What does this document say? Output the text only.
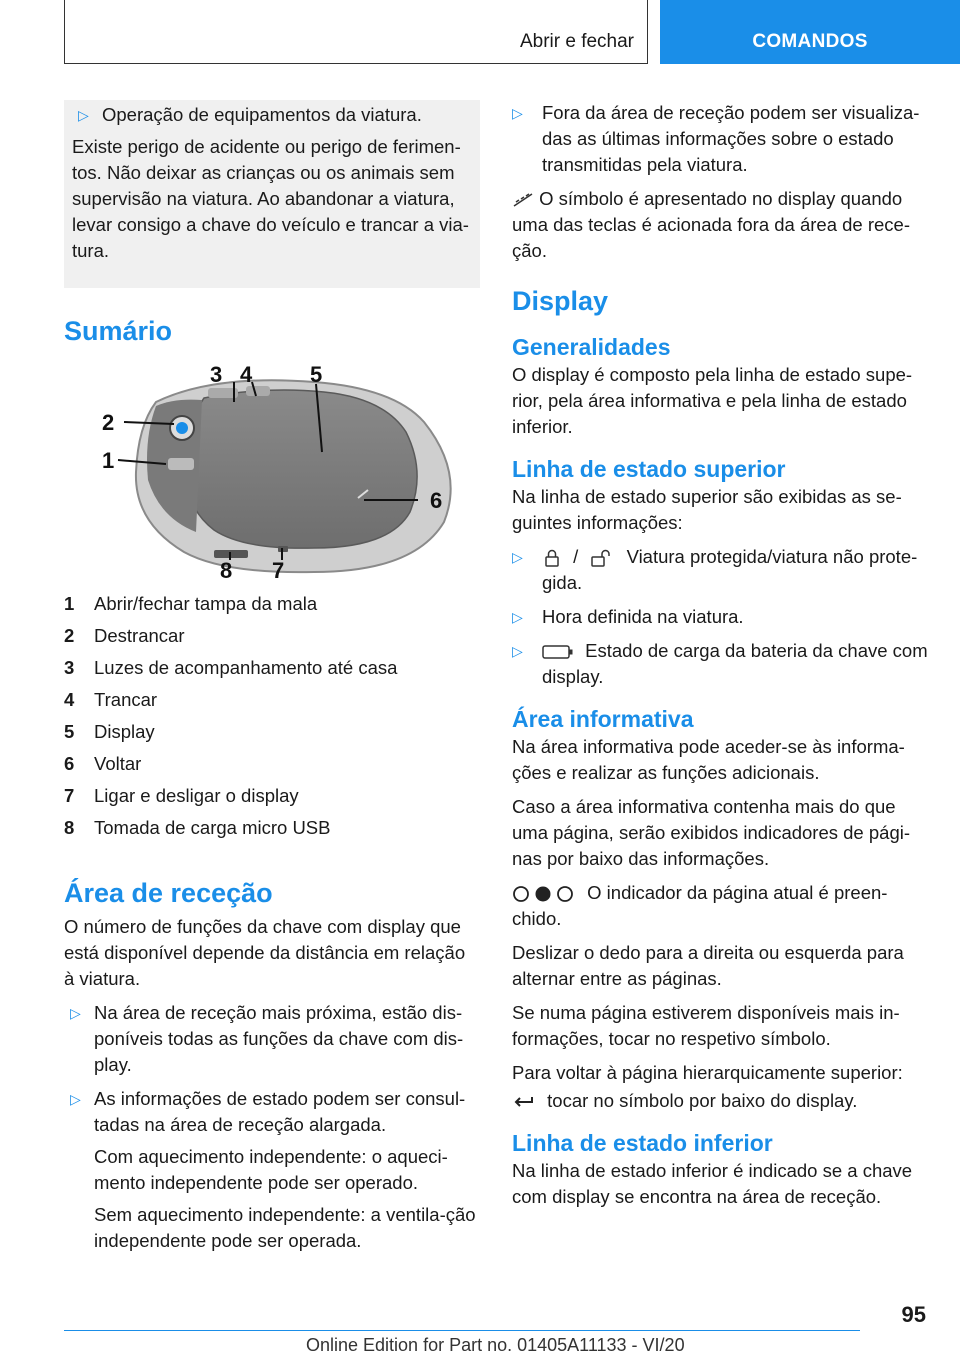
Abrir e fechar	COMANDOS
▷ Operação de equipamentos da viatura.

Existe perigo de acidente ou perigo de ferimen-tos. Não deixar as crianças ou os animais sem supervisão na viatura. Ao abandonar a viatura, levar consigo a chave do veículo e trancar a via-tura.

Sumário
1
2
3 4	5
6
7
8
1 Abrir/fechar tampa da mala
2 Destrancar
3 Luzes de acompanhamento até casa
4 Trancar
5 Display
6 Voltar
7 Ligar e desligar o display
8 Tomada de carga micro USB
Área de receção

O número de funções da chave com display que está disponível depende da distância em relação à viatura.

▷ Na área de receção mais próxima, estão dis-poníveis todas as funções da chave com dis-play.

▷ As informações de estado podem ser consul-tadas na área de receção alargada.

Com aquecimento independente: o aqueci-mento independente pode ser operado.

Sem aquecimento independente: a ventila-ção independente pode ser operada.

▷ Fora da área de receção podem ser visualiza-das as últimas informações sobre o estado transmitidas pela viatura.

O símbolo é apresentado no display quando uma das teclas é acionada fora da área de rece-ção.

Display
Generalidades

O display é composto pela linha de estado supe-rior, pela área informativa e pela linha de estado inferior.

Linha de estado superior

Na linha de estado superior são exibidas as se-guintes informações:

▷	/	Viatura protegida/viatura não prote-gida.

▷ Hora definida na viatura.

▷	Estado de carga da bateria da chave com display.

Área informativa

Na área informativa pode aceder-se às informa-ções e realizar as funções adicionais.

Caso a área informativa contenha mais do que uma página, serão exibidos indicadores de pági-nas por baixo das informações.

O indicador da página atual é preen-chido.

Deslizar o dedo para a direita ou esquerda para alternar entre as páginas.

Se numa página estiverem disponíveis mais in-formações, tocar no respetivo símbolo.

Para voltar à página hierarquicamente superior:

tocar no símbolo por baixo do display.

Linha de estado inferior

Na linha de estado inferior é indicado se a chave com display se encontra na área de receção.

95
Online Edition for Part no. 01405A11133 - VI/20
